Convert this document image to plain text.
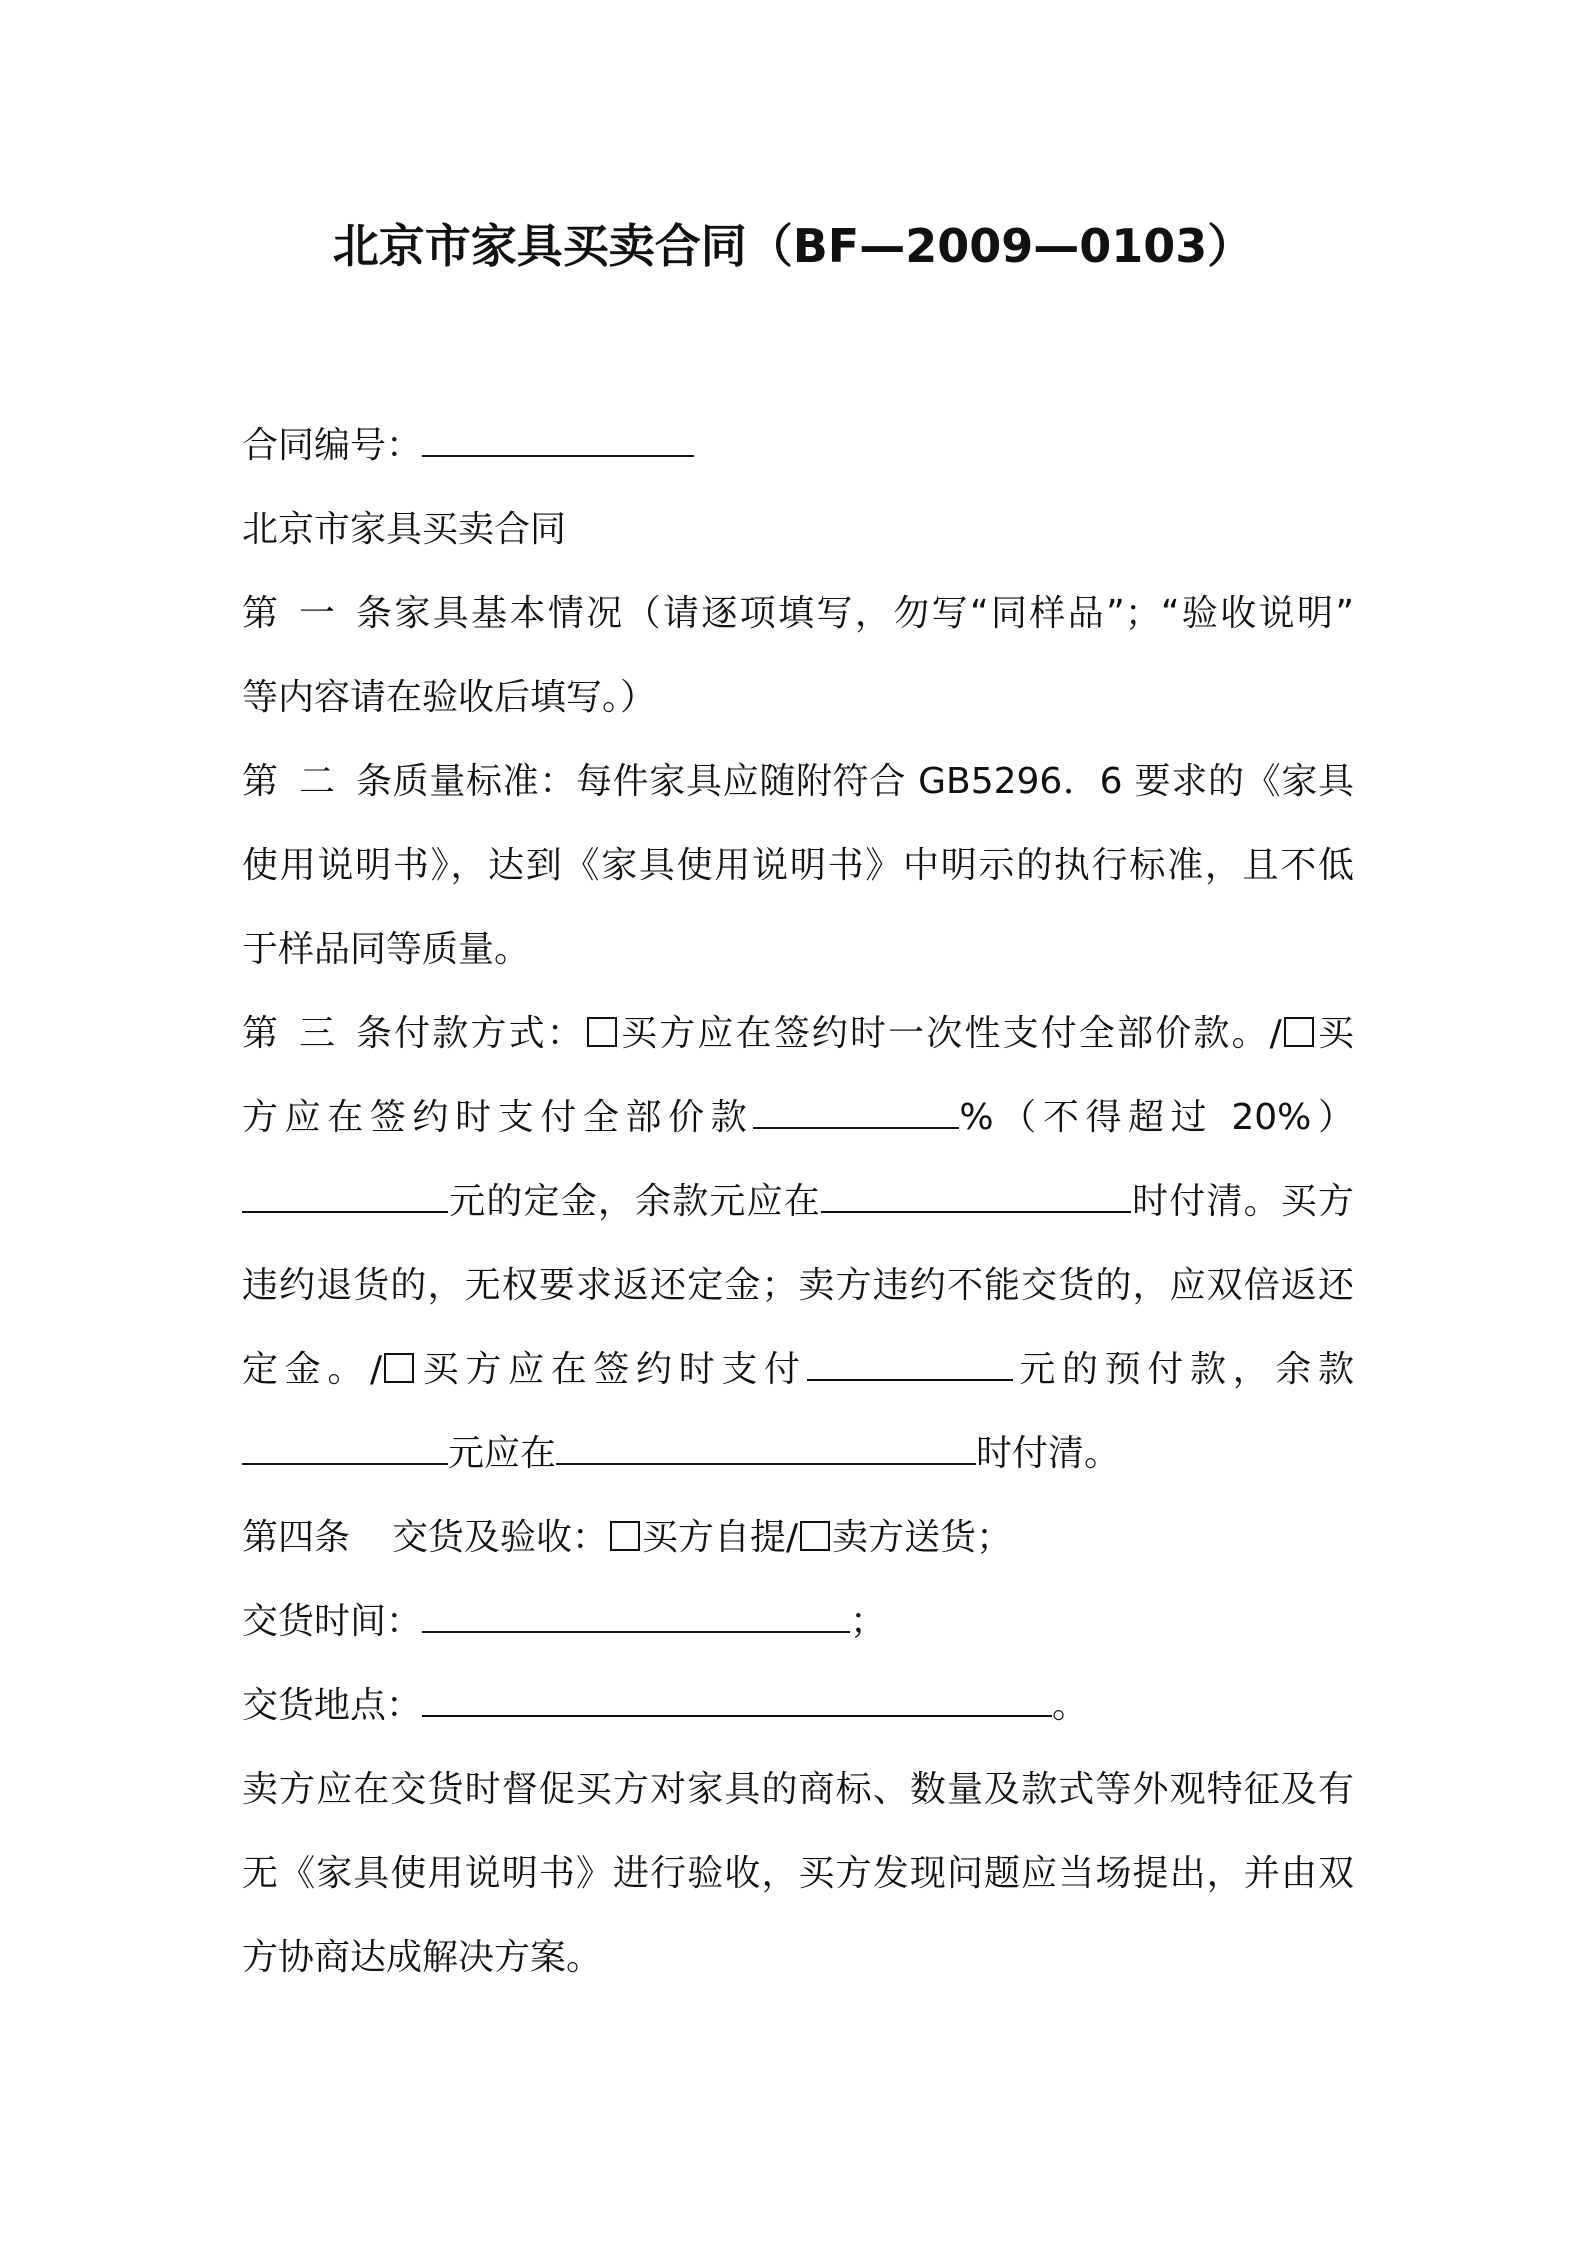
北京市家具买卖合同（BF—2009—0103）
合同编号：
北京市家具买卖合同
第一条家具基本情况（请逐项填写，勿写“同样品”；“验收说明”
等内容请在验收后填写。）
第二条质量标准：每件家具应随附符合 GB5296．6 要求的《家具
使用说明书》，达到《家具使用说明书》中明示的执行标准，且不低
于样品同等质量。
第三条付款方式： 买方应在签约时一次性支付全部价款。/ 买
方应在签约时支付全部价款	%（不得超过 20%）
元的定金，余款元应在	时付清。买方
违约退货的，无权要求返还定金；卖方违约不能交货的，应双倍返还
定金。/ 买方应在签约时支付	元的预付款，余款
元应在	时付清。
第四条 交货及验收： 买方自提/ 卖方送货；
交货时间：	；
交货地点：	。
卖方应在交货时督促买方对家具的商标、数量及款式等外观特征及有
无《家具使用说明书》进行验收，买方发现问题应当场提出，并由双
方协商达成解决方案。
